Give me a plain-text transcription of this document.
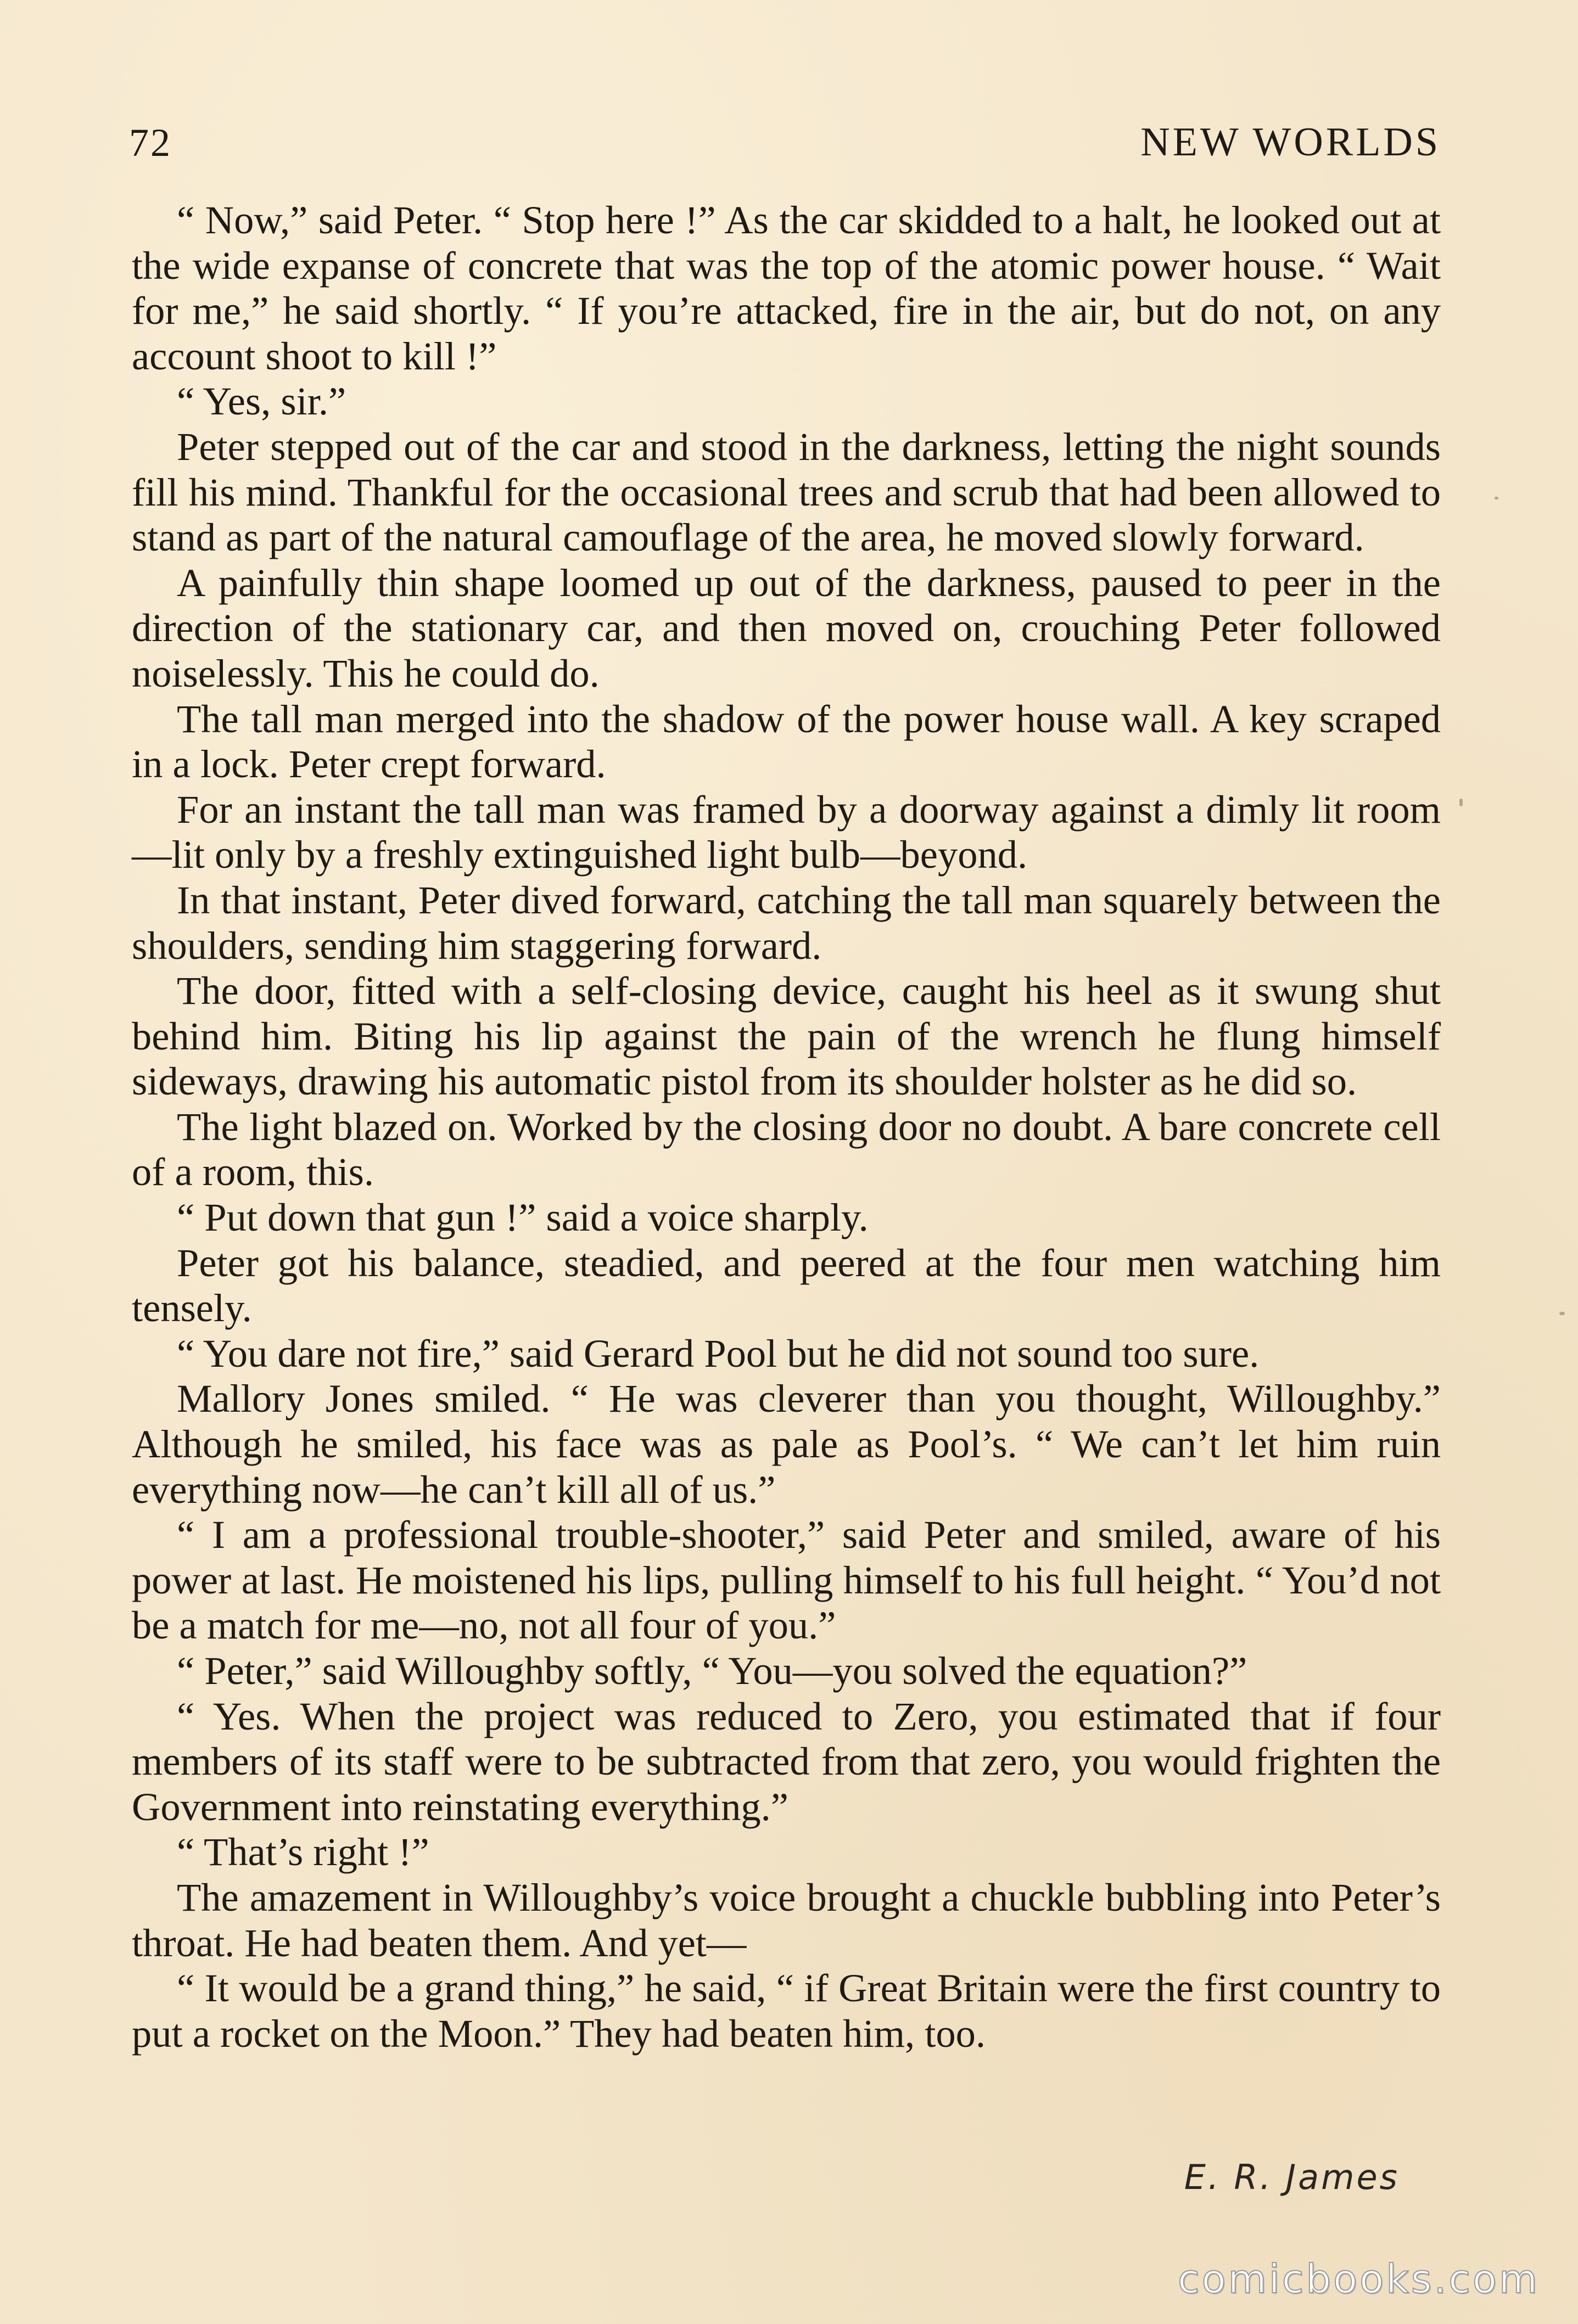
72	NEW WORLDS

“ Now,” said Peter. “ Stop here !” As the car skidded to a halt, he looked out at the wide expanse of concrete that was the top of the atomic power house. “ Wait for me,” he said shortly. “ If you’re attacked, fire in the air, but do not, on any account shoot to kill !”

“ Yes, sir.”

Peter stepped out of the car and stood in the darkness, letting the night sounds fill his mind. Thankful for the occasional trees and scrub that had been allowed to stand as part of the natural camouflage of the area, he moved slowly forward.

A painfully thin shape loomed up out of the darkness, paused to peer in the direction of the stationary car, and then moved on, crouching Peter followed noiselessly. This he could do.

The tall man merged into the shadow of the power house wall. A key scraped in a lock. Peter crept forward.

For an instant the tall man was framed by a doorway against a dimly lit room—lit only by a freshly extinguished light bulb—beyond.

In that instant, Peter dived forward, catching the tall man squarely between the shoulders, sending him staggering forward.

The door, fitted with a self-closing device, caught his heel as it swung shut behind him. Biting his lip against the pain of the wrench he flung himself sideways, drawing his automatic pistol from its shoulder holster as he did so.

The light blazed on. Worked by the closing door no doubt. A bare concrete cell of a room, this.

“ Put down that gun !” said a voice sharply.

Peter got his balance, steadied, and peered at the four men watching him tensely.

“ You dare not fire,” said Gerard Pool but he did not sound too sure.

Mallory Jones smiled. “ He was cleverer than you thought, Willoughby.” Although he smiled, his face was as pale as Pool’s. “ We can’t let him ruin everything now—he can’t kill all of us.”

“ I am a professional trouble-shooter,” said Peter and smiled, aware of his power at last. He moistened his lips, pulling himself to his full height. “ You’d not be a match for me—no, not all four of you.”

“ Peter,” said Willoughby softly, “ You—you solved the equation?”

“ Yes. When the project was reduced to Zero, you estimated that if four members of its staff were to be subtracted from that zero, you would frighten the Government into reinstating everything.”

“ That’s right !”

The amazement in Willoughby’s voice brought a chuckle bubbling into Peter’s throat. He had beaten them. And yet—

“ It would be a grand thing,” he said, “ if Great Britain were the first country to put a rocket on the Moon.” They had beaten him, too.

E. R. James
comicbooks.com
